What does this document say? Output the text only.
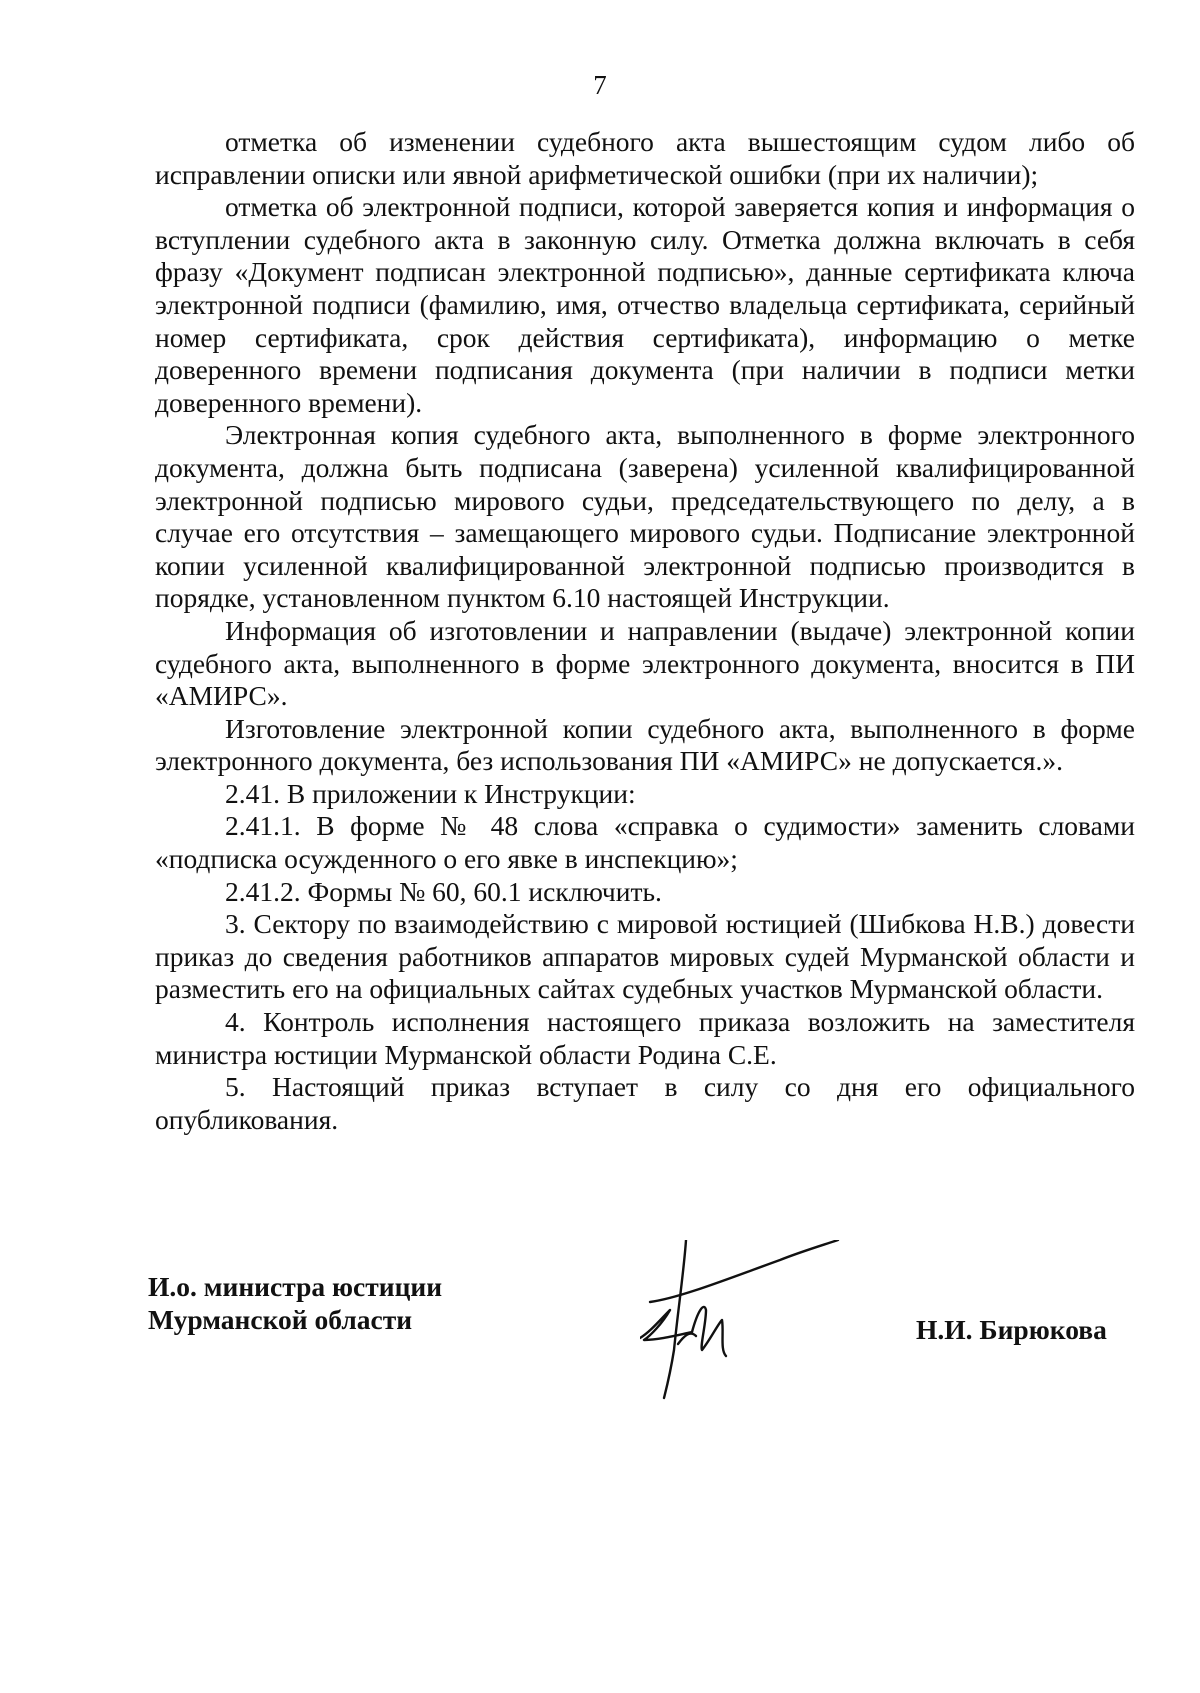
7

отметка об изменении судебного акта вышестоящим судом либо об исправлении описки или явной арифметической ошибки (при их наличии);

отметка об электронной подписи, которой заверяется копия и информация о вступлении судебного акта в законную силу. Отметка должна включать в себя фразу «Документ подписан электронной подписью», данные сертификата ключа электронной подписи (фамилию, имя, отчество владельца сертификата, серийный номер сертификата, срок действия сертификата), информацию о метке доверенного времени подписания документа (при наличии в подписи метки доверенного времени).

Электронная копия судебного акта, выполненного в форме электронного документа, должна быть подписана (заверена) усиленной квалифицированной электронной подписью мирового судьи, председательствующего по делу, а в случае его отсутствия – замещающего мирового судьи. Подписание электронной копии усиленной квалифицированной электронной подписью производится в порядке, установленном пунктом 6.10 настоящей Инструкции.

Информация об изготовлении и направлении (выдаче) электронной копии судебного акта, выполненного в форме электронного документа, вносится в ПИ «АМИРС».

Изготовление электронной копии судебного акта, выполненного в форме электронного документа, без использования ПИ «АМИРС» не допускается.».

2.41. В приложении к Инструкции:

2.41.1. В форме № 48 слова «справка о судимости» заменить словами «подписка осужденного о его явке в инспекцию»;

2.41.2. Формы № 60, 60.1 исключить.

3. Сектору по взаимодействию с мировой юстицией (Шибкова Н.В.) довести приказ до сведения работников аппаратов мировых судей Мурманской области и разместить его на официальных сайтах судебных участков Мурманской области.

4. Контроль исполнения настоящего приказа возложить на заместителя министра юстиции Мурманской области Родина С.Е.

5. Настоящий приказ вступает в силу со дня его официального опубликования.

И.о. министра юстиции
Мурманской области	Н.И. Бирюкова
